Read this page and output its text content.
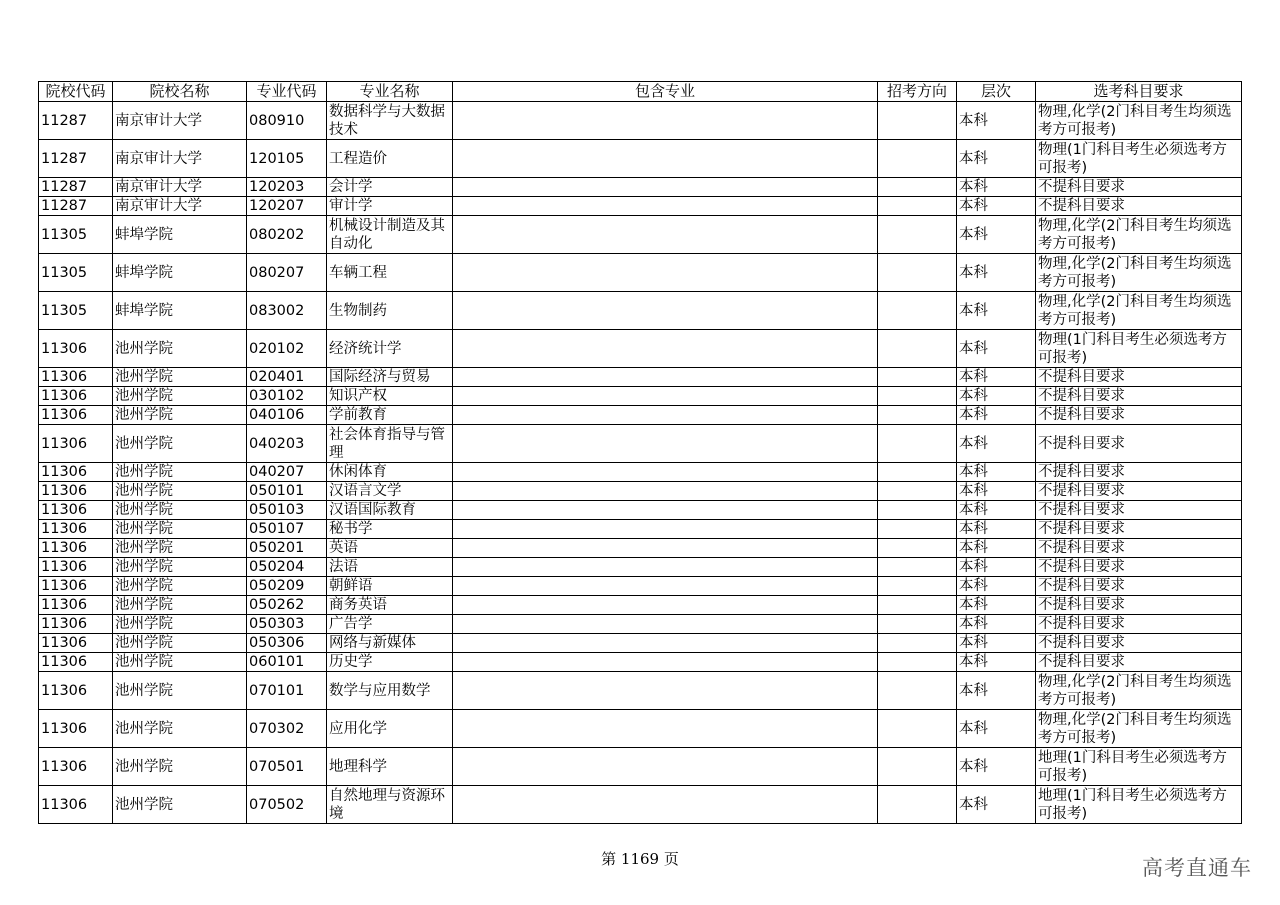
院校代码	院校名称	专业代码	专业名称	包含专业	招考方向	层次	选考科目要求
11287	南京审计大学	080910	数据科学与大数据技术			本科	物理,化学(2门科目考生均须选考方可报考)
11287	南京审计大学	120105	工程造价			本科	物理(1门科目考生必须选考方可报考)
11287	南京审计大学	120203	会计学			本科	不提科目要求
11287	南京审计大学	120207	审计学			本科	不提科目要求
11305	蚌埠学院	080202	机械设计制造及其自动化			本科	物理,化学(2门科目考生均须选考方可报考)
11305	蚌埠学院	080207	车辆工程			本科	物理,化学(2门科目考生均须选考方可报考)
11305	蚌埠学院	083002	生物制药			本科	物理,化学(2门科目考生均须选考方可报考)
11306	池州学院	020102	经济统计学			本科	物理(1门科目考生必须选考方可报考)
11306	池州学院	020401	国际经济与贸易			本科	不提科目要求
11306	池州学院	030102	知识产权			本科	不提科目要求
11306	池州学院	040106	学前教育			本科	不提科目要求
11306	池州学院	040203	社会体育指导与管理			本科	不提科目要求
11306	池州学院	040207	休闲体育			本科	不提科目要求
11306	池州学院	050101	汉语言文学			本科	不提科目要求
11306	池州学院	050103	汉语国际教育			本科	不提科目要求
11306	池州学院	050107	秘书学			本科	不提科目要求
11306	池州学院	050201	英语			本科	不提科目要求
11306	池州学院	050204	法语			本科	不提科目要求
11306	池州学院	050209	朝鲜语			本科	不提科目要求
11306	池州学院	050262	商务英语			本科	不提科目要求
11306	池州学院	050303	广告学			本科	不提科目要求
11306	池州学院	050306	网络与新媒体			本科	不提科目要求
11306	池州学院	060101	历史学			本科	不提科目要求
11306	池州学院	070101	数学与应用数学			本科	物理,化学(2门科目考生均须选考方可报考)
11306	池州学院	070302	应用化学			本科	物理,化学(2门科目考生均须选考方可报考)
11306	池州学院	070501	地理科学			本科	地理(1门科目考生必须选考方可报考)
11306	池州学院	070502	自然地理与资源环境			本科	地理(1门科目考生必须选考方可报考)
第 1169 页	高考直通车
